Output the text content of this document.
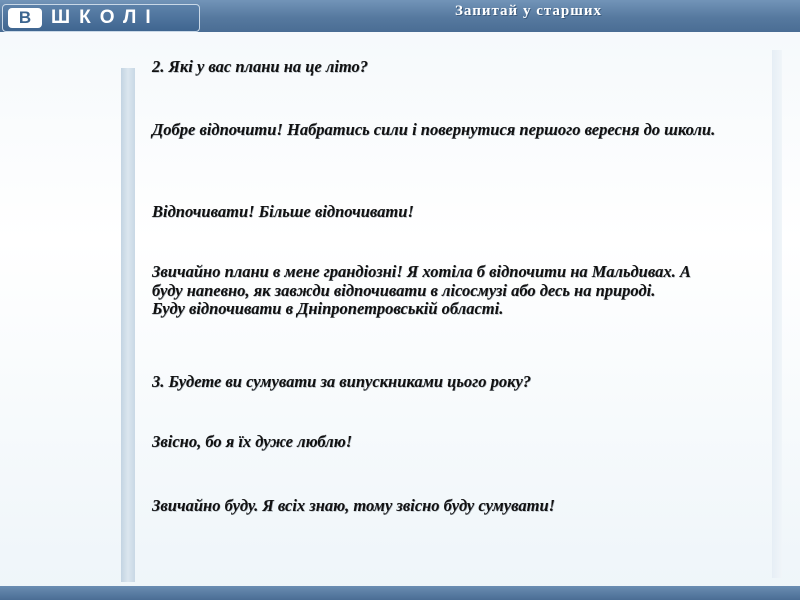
В	ШКОЛІ	Запитай у старших

2. Які у вас плани на це літо?

Добре відпочити! Набратись сили і повернутися першого вересня до школи.

Відпочивати! Більше відпочивати!

Звичайно плани в мене грандіозні! Я хотіла б відпочити на Мальдивах. А буду напевно, як завжди відпочивати в лісосмузі або десь на природі. Буду відпочивати в Дніпропетровській області.

3. Будете ви сумувати за випускниками цього року?

Звісно, бо я їх дуже люблю!

Звичайно буду. Я всіх знаю, тому звісно буду сумувати!
